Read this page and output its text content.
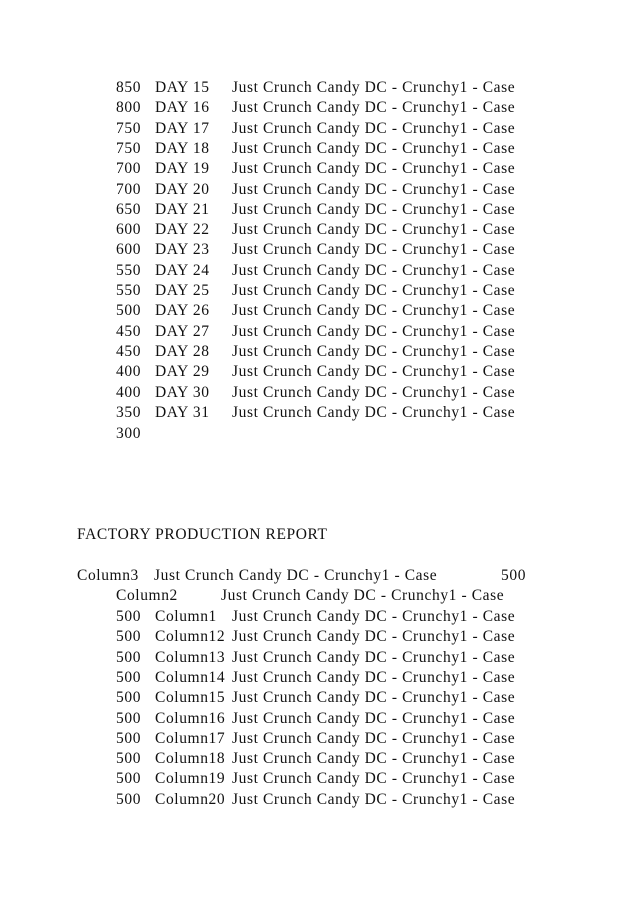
850 DAY 15 Just Crunch Candy DC - Crunchy1 - Case
800 DAY 16 Just Crunch Candy DC - Crunchy1 - Case
750 DAY 17 Just Crunch Candy DC - Crunchy1 - Case
750 DAY 18 Just Crunch Candy DC - Crunchy1 - Case
700 DAY 19 Just Crunch Candy DC - Crunchy1 - Case
700 DAY 20 Just Crunch Candy DC - Crunchy1 - Case
650 DAY 21 Just Crunch Candy DC - Crunchy1 - Case
600 DAY 22 Just Crunch Candy DC - Crunchy1 - Case
600 DAY 23 Just Crunch Candy DC - Crunchy1 - Case
550 DAY 24 Just Crunch Candy DC - Crunchy1 - Case
550 DAY 25 Just Crunch Candy DC - Crunchy1 - Case
500 DAY 26 Just Crunch Candy DC - Crunchy1 - Case
450 DAY 27 Just Crunch Candy DC - Crunchy1 - Case
450 DAY 28 Just Crunch Candy DC - Crunchy1 - Case
400 DAY 29 Just Crunch Candy DC - Crunchy1 - Case
400 DAY 30 Just Crunch Candy DC - Crunchy1 - Case
350 DAY 31 Just Crunch Candy DC - Crunchy1 - Case
300
FACTORY PRODUCTION REPORT
Column3 Just Crunch Candy DC - Crunchy1 - Case	500
Column2	Just Crunch Candy DC - Crunchy1 - Case
500 Column1 Just Crunch Candy DC - Crunchy1 - Case
500 Column12 Just Crunch Candy DC - Crunchy1 - Case
500 Column13 Just Crunch Candy DC - Crunchy1 - Case
500 Column14 Just Crunch Candy DC - Crunchy1 - Case
500 Column15 Just Crunch Candy DC - Crunchy1 - Case
500 Column16 Just Crunch Candy DC - Crunchy1 - Case
500 Column17 Just Crunch Candy DC - Crunchy1 - Case
500 Column18 Just Crunch Candy DC - Crunchy1 - Case
500 Column19 Just Crunch Candy DC - Crunchy1 - Case
500 Column20 Just Crunch Candy DC - Crunchy1 - Case
